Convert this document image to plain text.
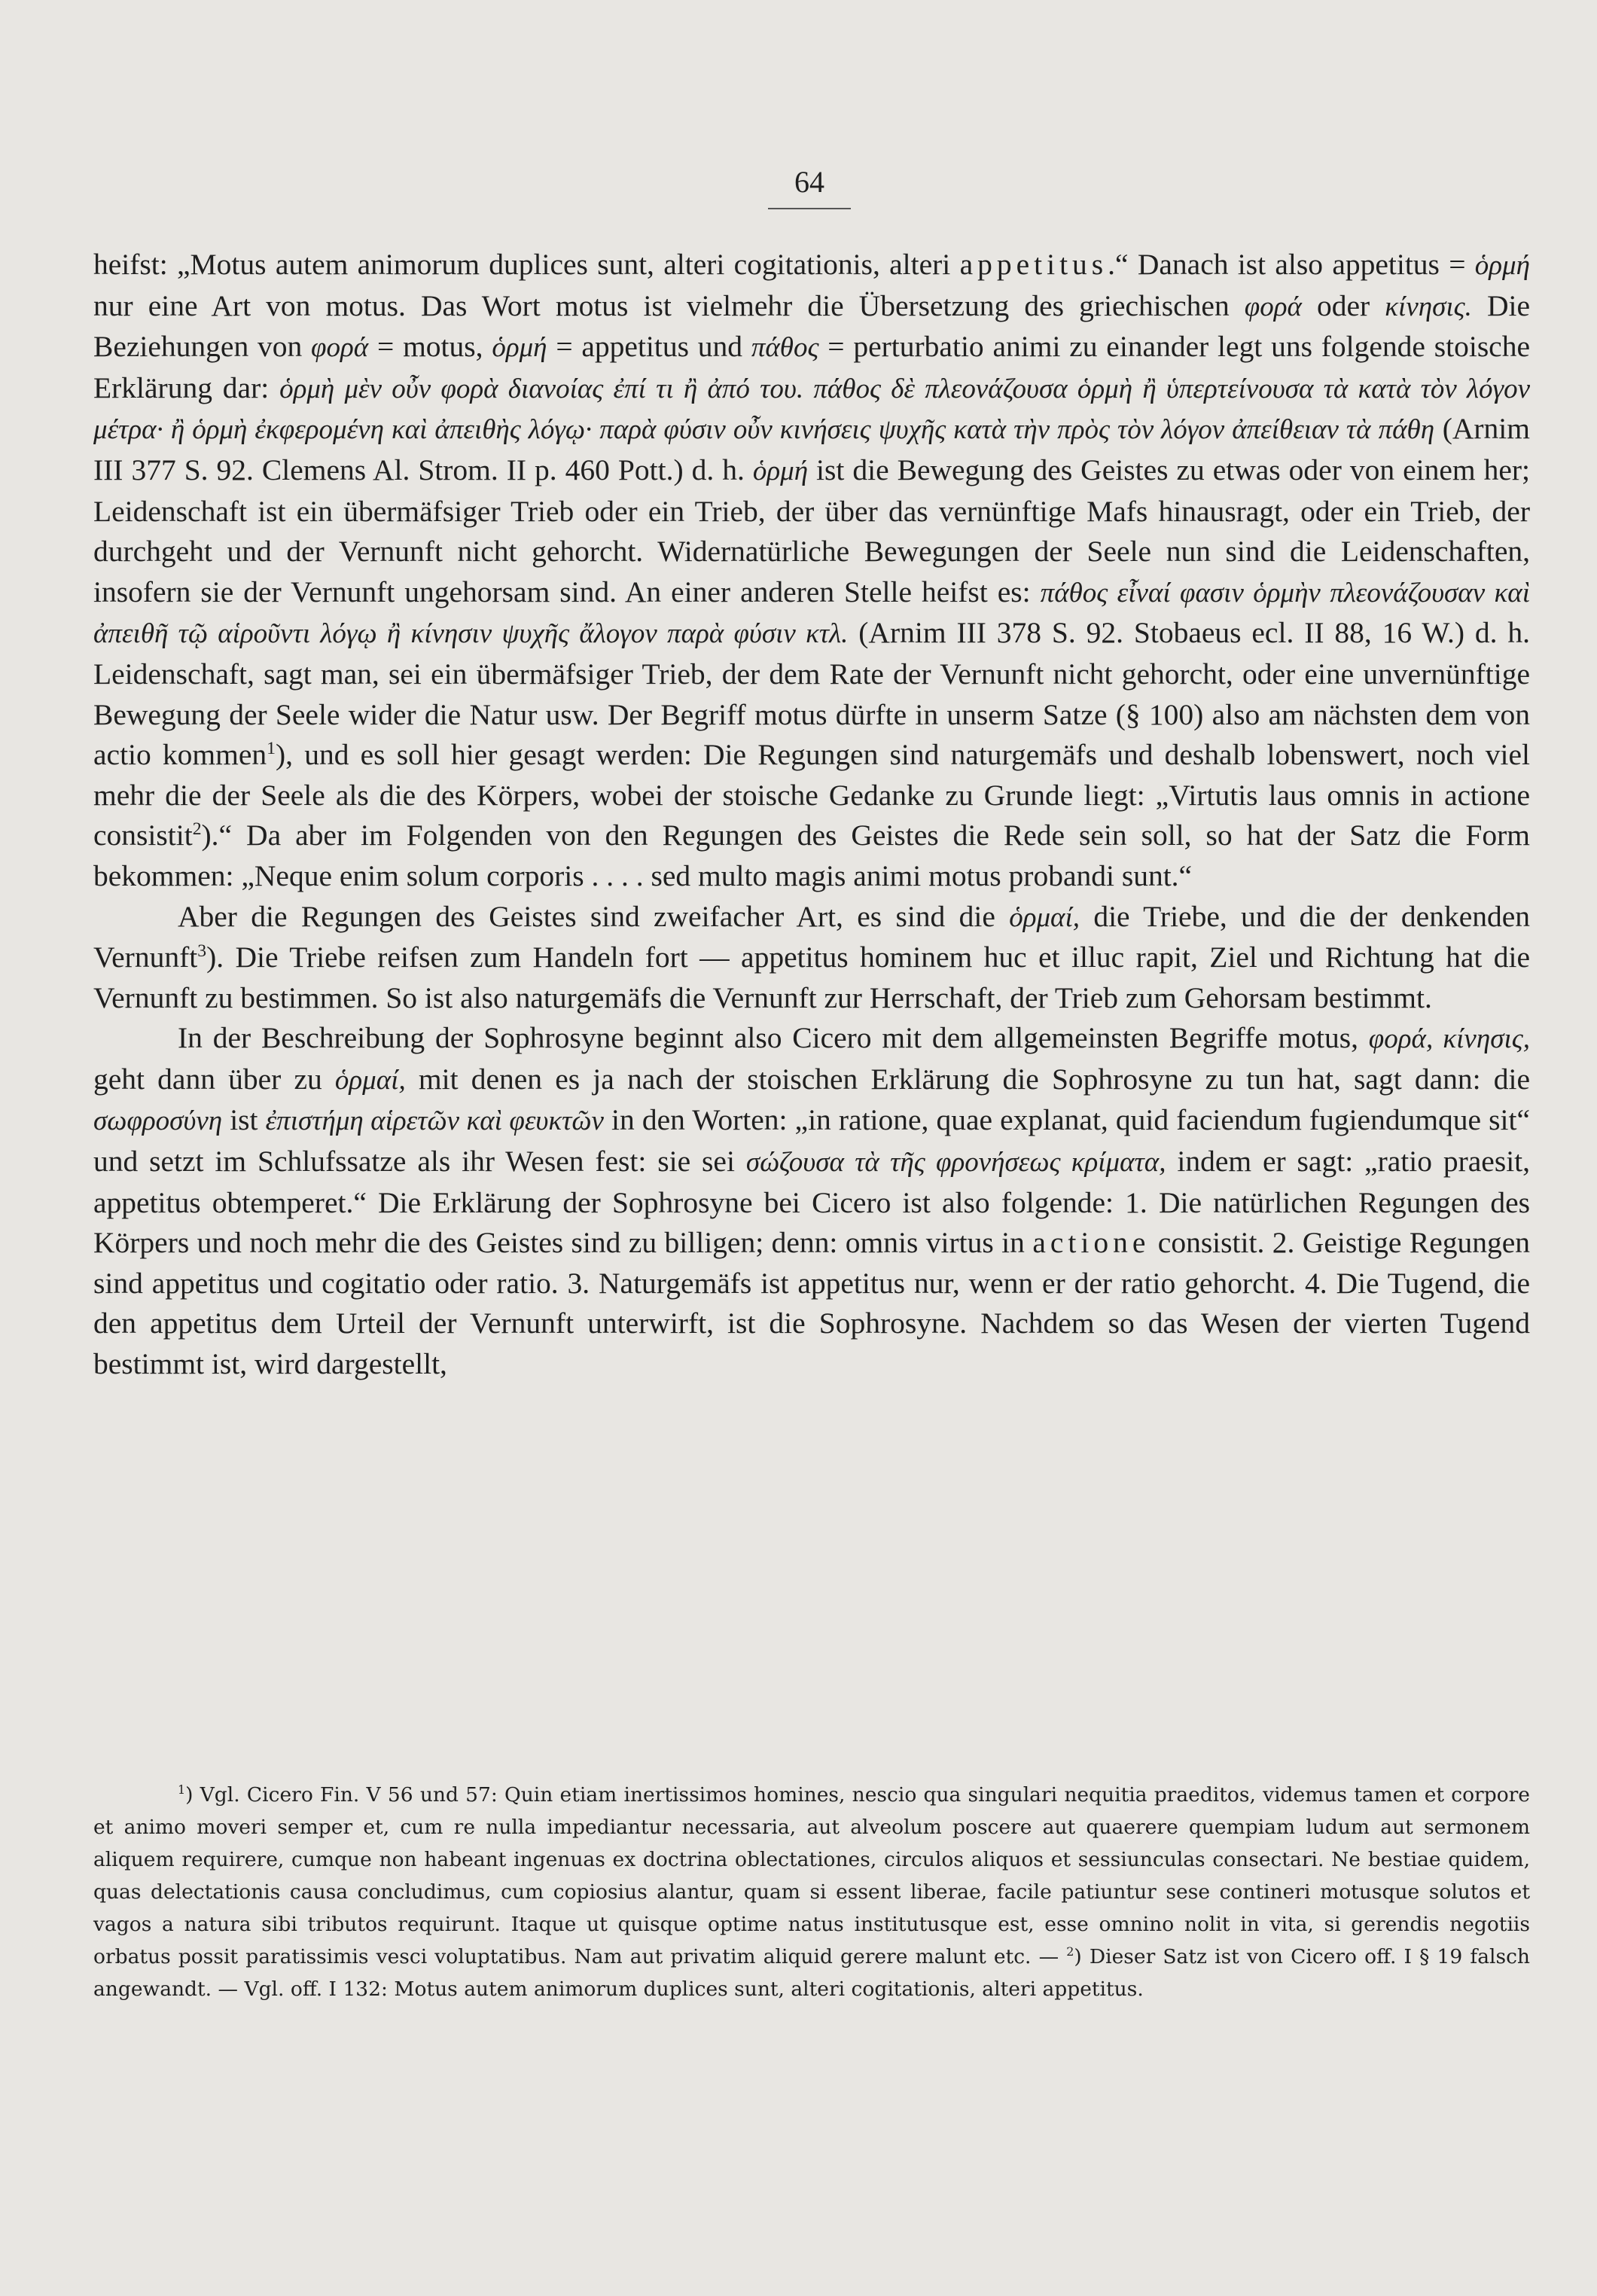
64

heifst: „Motus autem animorum duplices sunt, alteri cogitationis, alteri appetitus.“ Danach ist also appetitus = ὁρμή nur eine Art von motus. Das Wort motus ist vielmehr die Übersetzung des griechischen φορά oder κίνησις. Die Beziehungen von φορά = motus, ὁρμή = appetitus und πάθος = perturbatio animi zu einander legt uns folgende stoische Erklärung dar: ὁρμὴ μὲν οὖν φορὰ διανοίας ἐπί τι ἢ ἀπό του. πάθος δὲ πλεονάζουσα ὁρμὴ ἢ ὑπερτείνουσα τὰ κατὰ τὸν λόγον μέτρα· ἢ ὁρμὴ ἐκφερομένη καὶ ἀπειθὴς λόγῳ· παρὰ φύσιν οὖν κινήσεις ψυχῆς κατὰ τὴν πρὸς τὸν λόγον ἀπείθειαν τὰ πάθη (Arnim III 377 S. 92. Clemens Al. Strom. II p. 460 Pott.) d. h. ὁρμή ist die Bewegung des Geistes zu etwas oder von einem her; Leidenschaft ist ein übermäfsiger Trieb oder ein Trieb, der über das vernünftige Mafs hinausragt, oder ein Trieb, der durchgeht und der Vernunft nicht gehorcht. Widernatürliche Bewegungen der Seele nun sind die Leidenschaften, insofern sie der Vernunft ungehorsam sind. An einer anderen Stelle heifst es: πάθος εἶναί φασιν ὁρμὴν πλεονάζουσαν καὶ ἀπειθῆ τῷ αἱροῦντι λόγῳ ἢ κίνησιν ψυχῆς ἄλογον παρὰ φύσιν κτλ. (Arnim III 378 S. 92. Stobaeus ecl. II 88, 16 W.) d. h. Leidenschaft, sagt man, sei ein übermäfsiger Trieb, der dem Rate der Vernunft nicht gehorcht, oder eine unvernünftige Bewegung der Seele wider die Natur usw. Der Begriff motus dürfte in unserm Satze (§ 100) also am nächsten dem von actio kommen$^1$), und es soll hier gesagt werden: Die Regungen sind naturgemäfs und deshalb lobenswert, noch viel mehr die der Seele als die des Körpers, wobei der stoische Gedanke zu Grunde liegt: „Virtutis laus omnis in actione consistit$^2$).“ Da aber im Folgenden von den Regungen des Geistes die Rede sein soll, so hat der Satz die Form bekommen: „Neque enim solum corporis . . . . sed multo magis animi motus probandi sunt.“

Aber die Regungen des Geistes sind zweifacher Art, es sind die ὁρμαί, die Triebe, und die der denkenden Vernunft$^3$). Die Triebe reifsen zum Handeln fort — appetitus hominem huc et illuc rapit, Ziel und Richtung hat die Vernunft zu bestimmen. So ist also naturgemäfs die Vernunft zur Herrschaft, der Trieb zum Gehorsam bestimmt.

In der Beschreibung der Sophrosyne beginnt also Cicero mit dem allgemeinsten Begriffe motus, φορά, κίνησις, geht dann über zu ὁρμαί, mit denen es ja nach der stoischen Erklärung die Sophrosyne zu tun hat, sagt dann: die σωφροσύνη ist ἐπιστήμη αἱρετῶν καὶ φευκτῶν in den Worten: „in ratione, quae explanat, quid faciendum fugiendumque sit“ und setzt im Schlufssatze als ihr Wesen fest: sie sei σώζουσα τὰ τῆς φρονήσεως κρίματα, indem er sagt: „ratio praesit, appetitus obtemperet.“ Die Erklärung der Sophrosyne bei Cicero ist also folgende: 1. Die natürlichen Regungen des Körpers und noch mehr die des Geistes sind zu billigen; denn: omnis virtus in actione consistit. 2. Geistige Regungen sind appetitus und cogitatio oder ratio. 3. Naturgemäfs ist appetitus nur, wenn er der ratio gehorcht. 4. Die Tugend, die den appetitus dem Urteil der Vernunft unterwirft, ist die Sophrosyne. Nachdem so das Wesen der vierten Tugend bestimmt ist, wird dargestellt,

$^1$) Vgl. Cicero Fin. V 56 und 57: Quin etiam inertissimos homines, nescio qua singulari nequitia praeditos, videmus tamen et corpore et animo moveri semper et, cum re nulla impediantur necessaria, aut alveolum poscere aut quaerere quempiam ludum aut sermonem aliquem requirere, cumque non habeant ingenuas ex doctrina oblectationes, circulos aliquos et sessiunculas consectari. Ne bestiae quidem, quas delectationis causa concludimus, cum copiosius alantur, quam si essent liberae, facile patiuntur sese contineri motusque solutos et vagos a natura sibi tributos requirunt. Itaque ut quisque optime natus institutusque est, esse omnino nolit in vita, si gerendis negotiis orbatus possit paratissimis vesci voluptatibus. Nam aut privatim aliquid gerere malunt etc. — $^2$) Dieser Satz ist von Cicero off. I § 19 falsch angewandt. — Vgl. off. I 132: Motus autem animorum duplices sunt, alteri cogitationis, alteri appetitus.
